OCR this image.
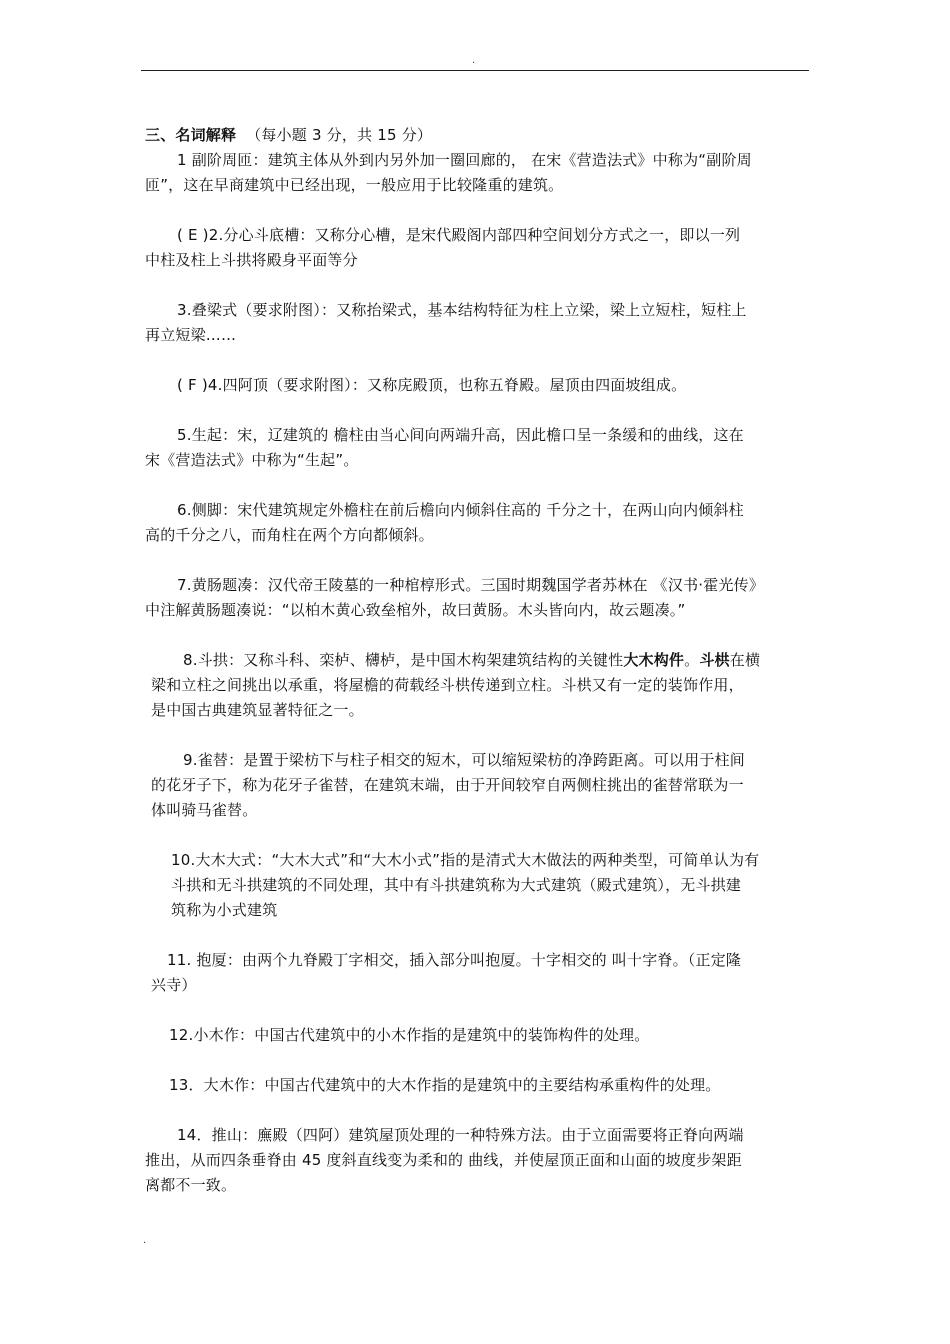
.

三、名词解释 （每小题 3 分，共 15 分）

1 副阶周匝：建筑主体从外到内另外加一圈回廊的， 在宋《营造法式》中称为“副阶周

匝”，这在早商建筑中已经出现，一般应用于比较隆重的建筑。

( E )2.分心斗底槽：又称分心槽，是宋代殿阁内部四种空间划分方式之一，即以一列

中柱及柱上斗拱将殿身平面等分

3.叠梁式（要求附图）：又称抬梁式，基本结构特征为柱上立梁，梁上立短柱，短柱上

再立短梁……

( F )4.四阿顶（要求附图）：又称庑殿顶，也称五脊殿。屋顶由四面坡组成。

5.生起：宋，辽建筑的 檐柱由当心间向两端升高，因此檐口呈一条缓和的曲线，这在

宋《营造法式》中称为“生起”。

6.侧脚：宋代建筑规定外檐柱在前后檐向内倾斜住高的 千分之十，在两山向内倾斜柱

高的千分之八，而角柱在两个方向都倾斜。

7.黄肠题凑：汉代帝王陵墓的一种棺椁形式。三国时期魏国学者苏林在 《汉书·霍光传》

中注解黄肠题凑说：“以柏木黄心致垒棺外，故曰黄肠。木头皆向内，故云题凑。”

8.斗拱：又称斗科、栾栌、欂栌，是中国木构架建筑结构的关键性大木构件。斗栱在横

梁和立柱之间挑出以承重，将屋檐的荷载经斗栱传递到立柱。斗栱又有一定的装饰作用，

是中国古典建筑显著特征之一。

9.雀替：是置于梁枋下与柱子相交的短木，可以缩短梁枋的净跨距离。可以用于柱间

的花牙子下，称为花牙子雀替，在建筑末端，由于开间较窄自两侧柱挑出的雀替常联为一

体叫骑马雀替。

10.大木大式：“大木大式”和“大木小式”指的是清式大木做法的两种类型，可简单认为有

斗拱和无斗拱建筑的不同处理，其中有斗拱建筑称为大式建筑（殿式建筑），无斗拱建

筑称为小式建筑

11. 抱厦：由两个九脊殿丁字相交，插入部分叫抱厦。十字相交的 叫十字脊。（正定隆

兴寺）

12.小木作：中国古代建筑中的小木作指的是建筑中的装饰构件的处理。

13．大木作：中国古代建筑中的大木作指的是建筑中的主要结构承重构件的处理。

14．推山：廡殿（四阿）建筑屋顶处理的一种特殊方法。由于立面需要将正脊向两端

推出，从而四条垂脊由 45 度斜直线变为柔和的 曲线，并使屋顶正面和山面的坡度步架距

离都不一致。

.
